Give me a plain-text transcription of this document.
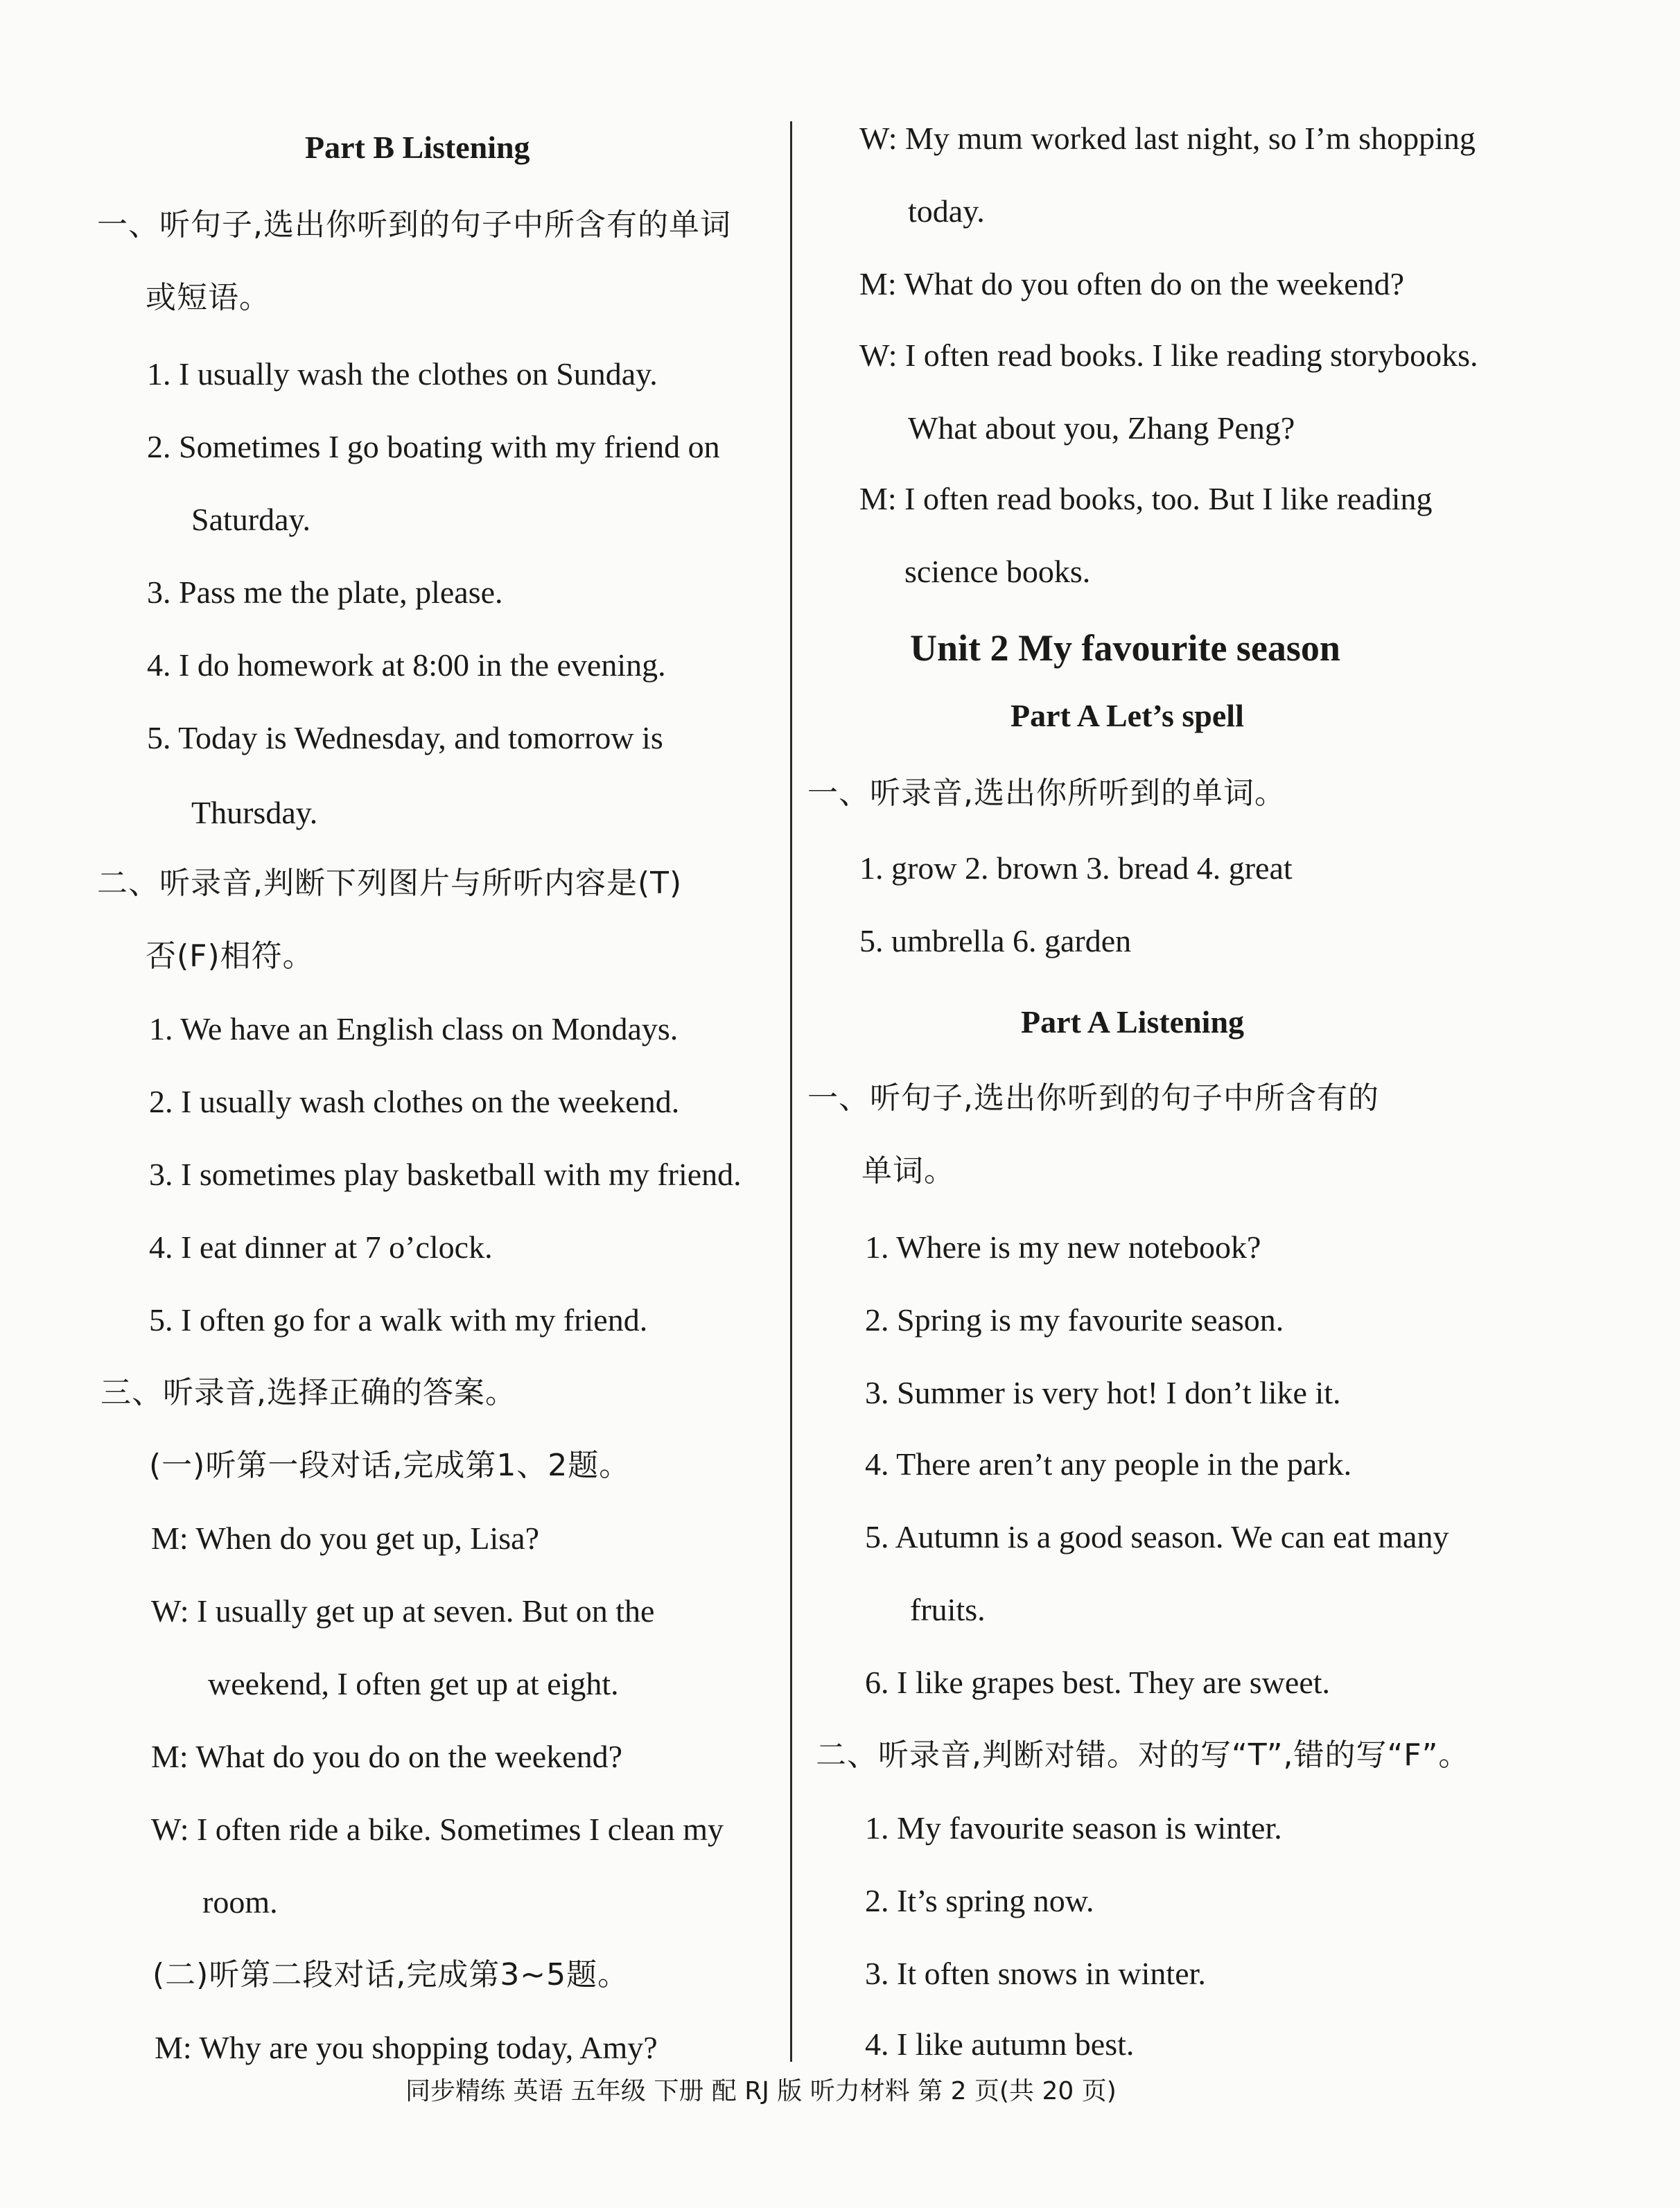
Part B Listening
一、听句子,选出你听到的句子中所含有的单词
或短语。
1. I usually wash the clothes on Sunday.
2. Sometimes I go boating with my friend on
Saturday.
3. Pass me the plate, please.
4. I do homework at 8:00 in the evening.
5. Today is Wednesday, and tomorrow is
Thursday.
二、听录音,判断下列图片与所听内容是(T)
否(F)相符。
1. We have an English class on Mondays.
2. I usually wash clothes on the weekend.
3. I sometimes play basketball with my friend.
4. I eat dinner at 7 o’clock.
5. I often go for a walk with my friend.
三、听录音,选择正确的答案。
(一)听第一段对话,完成第1、2题。
M: When do you get up, Lisa?
W: I usually get up at seven. But on the
weekend, I often get up at eight.
M: What do you do on the weekend?
W: I often ride a bike. Sometimes I clean my
room.
(二)听第二段对话,完成第3~5题。
M: Why are you shopping today, Amy?
W: My mum worked last night, so I’m shopping
today.
M: What do you often do on the weekend?
W: I often read books. I like reading storybooks.
What about you, Zhang Peng?
M: I often read books, too. But I like reading
science books.
Unit 2 My favourite season
Part A Let’s spell
一、听录音,选出你所听到的单词。
1. grow 2. brown 3. bread 4. great
5. umbrella 6. garden
Part A Listening
一、听句子,选出你听到的句子中所含有的
单词。
1. Where is my new notebook?
2. Spring is my favourite season.
3. Summer is very hot! I don’t like it.
4. There aren’t any people in the park.
5. Autumn is a good season. We can eat many
fruits.
6. I like grapes best. They are sweet.
二、听录音,判断对错。对的写“T”,错的写“F”。
1. My favourite season is winter.
2. It’s spring now.
3. It often snows in winter.
4. I like autumn best.
同步精练 英语 五年级 下册 配 RJ 版 听力材料 第 2 页(共 20 页)
